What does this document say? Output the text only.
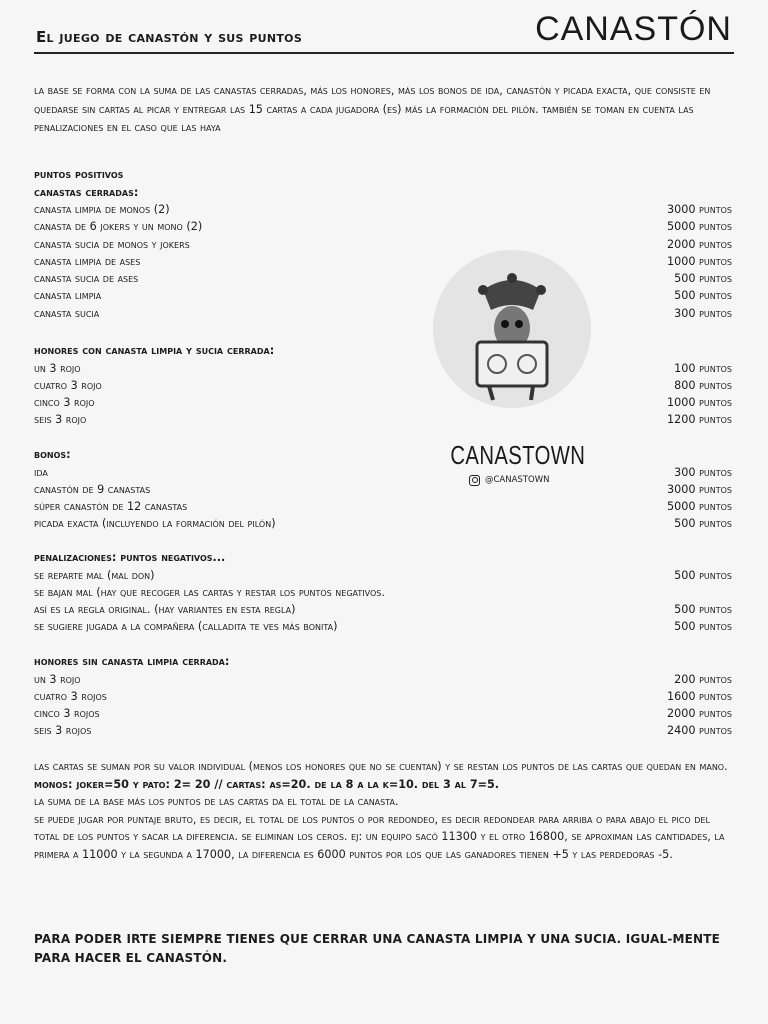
El juego de canastón y sus puntos	CANASTÓN
la base se forma con la suma de las canastas cerradas, más los honores, más los bonos de ida, canastón y picada exacta, que consiste en quedarse sin cartas al picar y entregar las 15 cartas a cada jugadora (es) más la formación del pilón. también se toman en cuenta las penalizaciones en el caso que las haya
CANASTOWN
@CANASTOWN
puntos positivos
canastas cerradas:
canasta limpia de monos (2)	3000 puntos
canasta de 6 jokers y un mono (2)	5000 puntos
canasta sucia de monos y jokers	2000 puntos
canasta limpia de ases	1000 puntos
canasta sucia de ases	500 puntos
canasta limpia	500 puntos
canasta sucia	300 puntos
honores con canasta limpia y sucia cerrada:
un 3 rojo	100 puntos
cuatro 3 rojo	800 puntos
cinco 3 rojo	1000 puntos
seis 3 rojo	1200 puntos
bonos:
ida	300 puntos
canastón de 9 canastas	3000 puntos
súper canastón de 12 canastas	5000 puntos
picada exacta (incluyendo la formación del pilón)	500 puntos
penalizaciones: puntos negativos...
se reparte mal (mal don)	500 puntos
se bajan mal (hay que recoger las cartas y restar los puntos negativos.
así es la regla original. (hay variantes en esta regla)	500 puntos
se sugiere jugada a la compañera (calladita te ves más bonita)	500 puntos
honores sin canasta limpia cerrada:
un 3 rojo	200 puntos
cuatro 3 rojos	1600 puntos
cinco 3 rojos	2000 puntos
seis 3 rojos	2400 puntos
las cartas se suman por su valor individual (menos los honores que no se cuentan) y se restan los puntos de las cartas que quedan en mano.
monos: joker=50 y pato: 2= 20 // cartas: as=20. de la 8 a la k=10. del 3 al 7=5.
la suma de la base más los puntos de las cartas da el total de la canasta.
se puede jugar por puntaje bruto, es decir, el total de los puntos o por redondeo, es decir redondear para arriba o para abajo el pico del total de los puntos y sacar la diferencia. se eliminan los ceros. ej: un equipo sacó 11300 y el otro 16800, se aproximan las cantidades, la primera a 11000 y la segunda a 17000, la diferencia es 6000 puntos por los que las ganadores tienen +5 y las perdedoras -5.
PARA PODER IRTE SIEMPRE TIENES QUE CERRAR UNA CANASTA LIMPIA Y UNA SUCIA. IGUAL-MENTE PARA HACER EL CANASTÓN.
